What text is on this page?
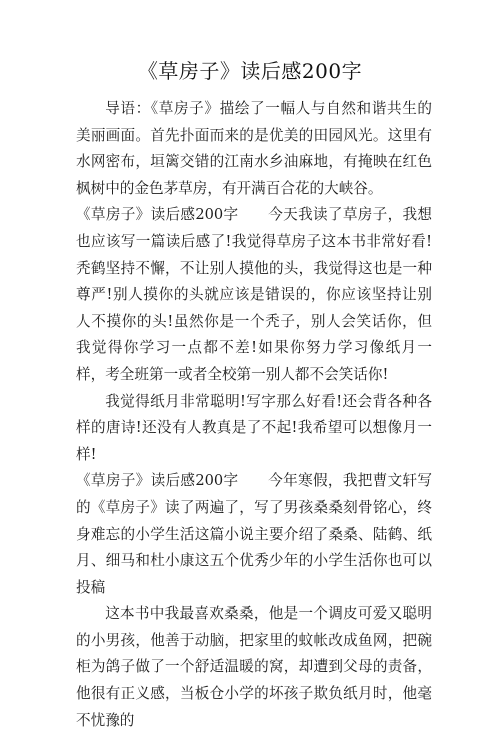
《草房子》读后感200字

导语：《草房子》描绘了一幅人与自然和谐共生的美丽画面。首先扑面而来的是优美的田园风光。这里有水网密布，垣篱交错的江南水乡油麻地，有掩映在红色枫树中的金色茅草房，有开满百合花的大峡谷。

《草房子》读后感200字　　今天我读了草房子，我想也应该写一篇读后感了!我觉得草房子这本书非常好看!秃鹤坚持不懈，不让别人摸他的头，我觉得这也是一种尊严!别人摸你的头就应该是错误的，你应该坚持让别人不摸你的头!虽然你是一个秃子，别人会笑话你，但我觉得你学习一点都不差!如果你努力学习像纸月一样，考全班第一或者全校第一别人都不会笑话你!

我觉得纸月非常聪明!写字那么好看!还会背各种各样的唐诗!还没有人教真是了不起!我希望可以想像月一样!

《草房子》读后感200字　　今年寒假，我把曹文轩写的《草房子》读了两遍了，写了男孩桑桑刻骨铭心，终身难忘的小学生活这篇小说主要介绍了桑桑、陆鹤、纸月、细马和杜小康这五个优秀少年的小学生活你也可以投稿

这本书中我最喜欢桑桑，他是一个调皮可爱又聪明的小男孩，他善于动脑，把家里的蚊帐改成鱼网，把碗柜为鸽子做了一个舒适温暖的窝，却遭到父母的责备，他很有正义感，当板仓小学的坏孩子欺负纸月时，他毫不忧豫的
